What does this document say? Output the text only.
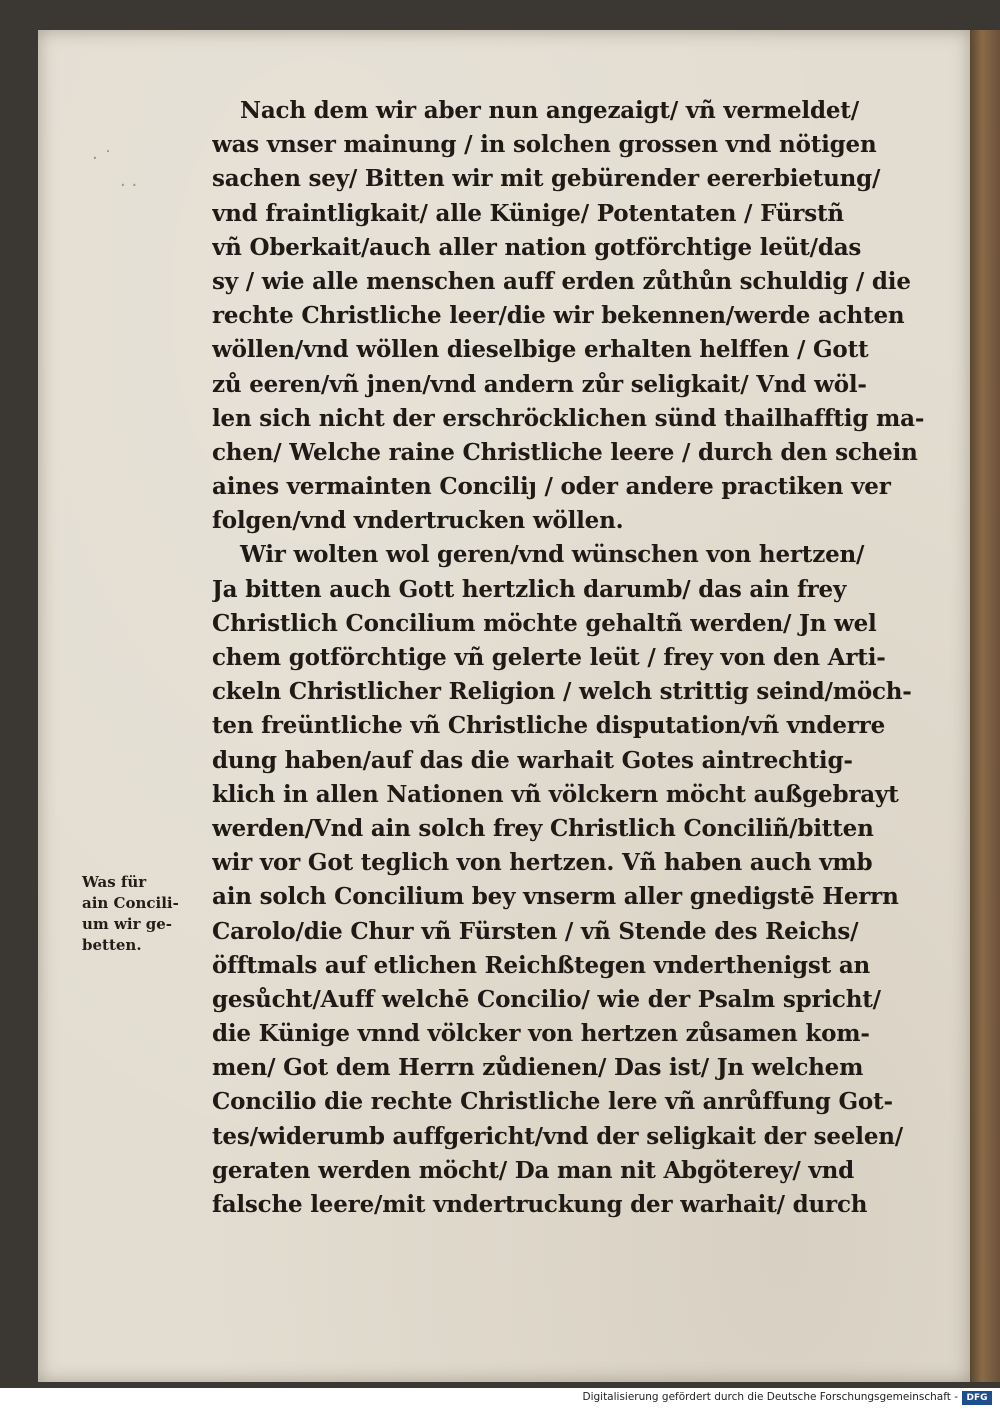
· ˙
· ·
Nach dem wir aber nun angezaigt/ vñ vermeldet/
was vnser mainung / in solchen grossen vnd nötigen
sachen sey/ Bitten wir mit gebürender eererbietung/
vnd fraintligkait/ alle Künige/ Potentaten / Fürstñ
vñ Oberkait/auch aller nation gotförchtige leüt/das
sy / wie alle menschen auff erden zůthůn schuldig / die
rechte Christliche leer/die wir bekennen/werde achten
wöllen/vnd wöllen dieselbige erhalten helffen / Gott
zů eeren/vñ jnen/vnd andern zůr seligkait/ Vnd wöl-
len sich nicht der erschröcklichen sünd thailhafftig ma-
chen/ Welche raine Christliche leere / durch den schein
aines vermainten Conciliȷ / oder andere practiken ver
folgen/vnd vndertrucken wöllen.
Wir wolten wol geren/vnd wünschen von hertzen/
Ja bitten auch Gott hertzlich darumb/ das ain frey
Christlich Concilium möchte gehaltñ werden/ Jn wel
chem gotförchtige vñ gelerte leüt / frey von den Arti-
ckeln Christlicher Religion / welch strittig seind/möch-
ten freüntliche vñ Christliche disputation/vñ vnderre
dung haben/auf das die warhait Gotes aintrechtig-
klich in allen Nationen vñ völckern möcht außgebrayt
werden/Vnd ain solch frey Christlich Conciliñ/bitten
wir vor Got teglich von hertzen. Vñ haben auch vmb
ain solch Concilium bey vnserm aller gnedigstē Herrn
Carolo/die Chur vñ Fürsten / vñ Stende des Reichs/
öfftmals auf etlichen Reichßtegen vnderthenigst an
gesůcht/Auff welchē Concilio/ wie der Psalm spricht/
die Künige vnnd völcker von hertzen zůsamen kom-
men/ Got dem Herrn zůdienen/ Das ist/ Jn welchem
Concilio die rechte Christliche lere vñ anrůffung Got-
tes/widerumb auffgericht/vnd der seligkait der seelen/
geraten werden möcht/ Da man nit Abgöterey/ vnd
falsche leere/mit vndertruckung der warhait/ durch
Was für
ain Concili-
um wir ge-
betten.
Digitalisierung gefördert durch die Deutsche Forschungsgemeinschaft - DFG
